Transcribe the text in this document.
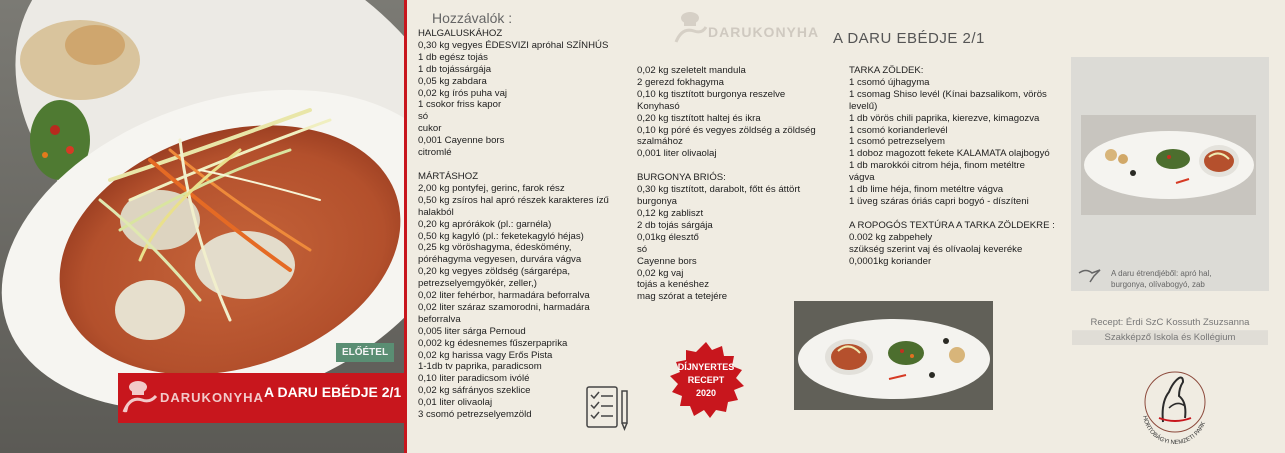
ELŐÉTEL
DARUKONYHA A DARU EBÉDJE 2/1
Hozzávalók :
DARUKONYHA A DARU EBÉDJE 2/1
HALGALUSKÁHOZ
0,30 kg vegyes ÉDESVIZI apróhal SZÍNHÚS
1 db egész tojás
1 db tojássárgája
0,05 kg zabdara
0,02 kg írós puha vaj
1 csokor friss kapor
só
cukor
0,001 Cayenne bors
citromlé
MÁRTÁSHOZ
2,00 kg pontyfej, gerinc, farok rész
0,50 kg zsíros hal apró részek karakteres ízű
halakból
0,20 kg aprórákok (pl.: garnéla)
0,50 kg kagyló (pl.: feketekagyló héjas)
0,25 kg vöröshagyma, édeskömény,
póréhagyma vegyesen, durvára vágva
0,20 kg vegyes zöldség (sárgarépa,
petrezselyemgyökér, zeller,)
0,02 liter fehérbor, harmadára beforralva
0,02 liter száraz szamorodni, harmadára
beforralva
0,005 liter sárga Pernoud
0,002 kg édesnemes fűszerpaprika
0,02 kg harissa vagy Erős Pista
1-1db tv paprika, paradicsom
0,10 liter paradicsom ivólé
0,02 kg sáfrányos szeklice
0,01 liter olivaolaj
3 csomó petrezselyemzöld
0,02 kg szeletelt mandula
2 gerezd fokhagyma
0,10 kg tisztított burgonya reszelve
Konyhasó
0,20 kg tisztított haltej és ikra
0,10 kg póré és vegyes zöldség a zöldség
szalmához
0,001 liter olivaolaj
BURGONYA BRIÓS:
0,30 kg tisztított, darabolt, főtt és áttört
burgonya
0,12 kg zabliszt
2 db tojás sárgája
0,01kg élesztő
só
Cayenne bors
0,02 kg vaj
tojás a kenéshez
mag szórat a tetejére
TARKA ZÖLDEK:
1 csomó újhagyma
1 csomag Shiso levél (Kínai bazsalikom, vörös
levelű)
1 db vörös chili paprika, kierezve, kimagozva
1 csomó korianderlevél
1 csomó petrezselyem
1 doboz magozott fekete KALAMATA olajbogyó
1 db marokkói citrom héja, finom metéltre
vágva
1 db lime héja, finom metéltre vágva
1 üveg száras óriás capri bogyó - díszíteni
A ROPOGÓS TEXTÚRA A TARKA ZÖLDEKRE :
0.002 kg zabpehely
szükség szerint vaj és olívaolaj keveréke
0,0001kg koriander
A daru étrendjéből: apró hal,
burgonya, olívabogyó, zab
Recept: Érdi SzC Kossuth Zsuzsanna
Szakképző Iskola és Kollégium
DÍJNYERTES
RECEPT
2020
HORTOBÁGYI NEMZETI PARK
